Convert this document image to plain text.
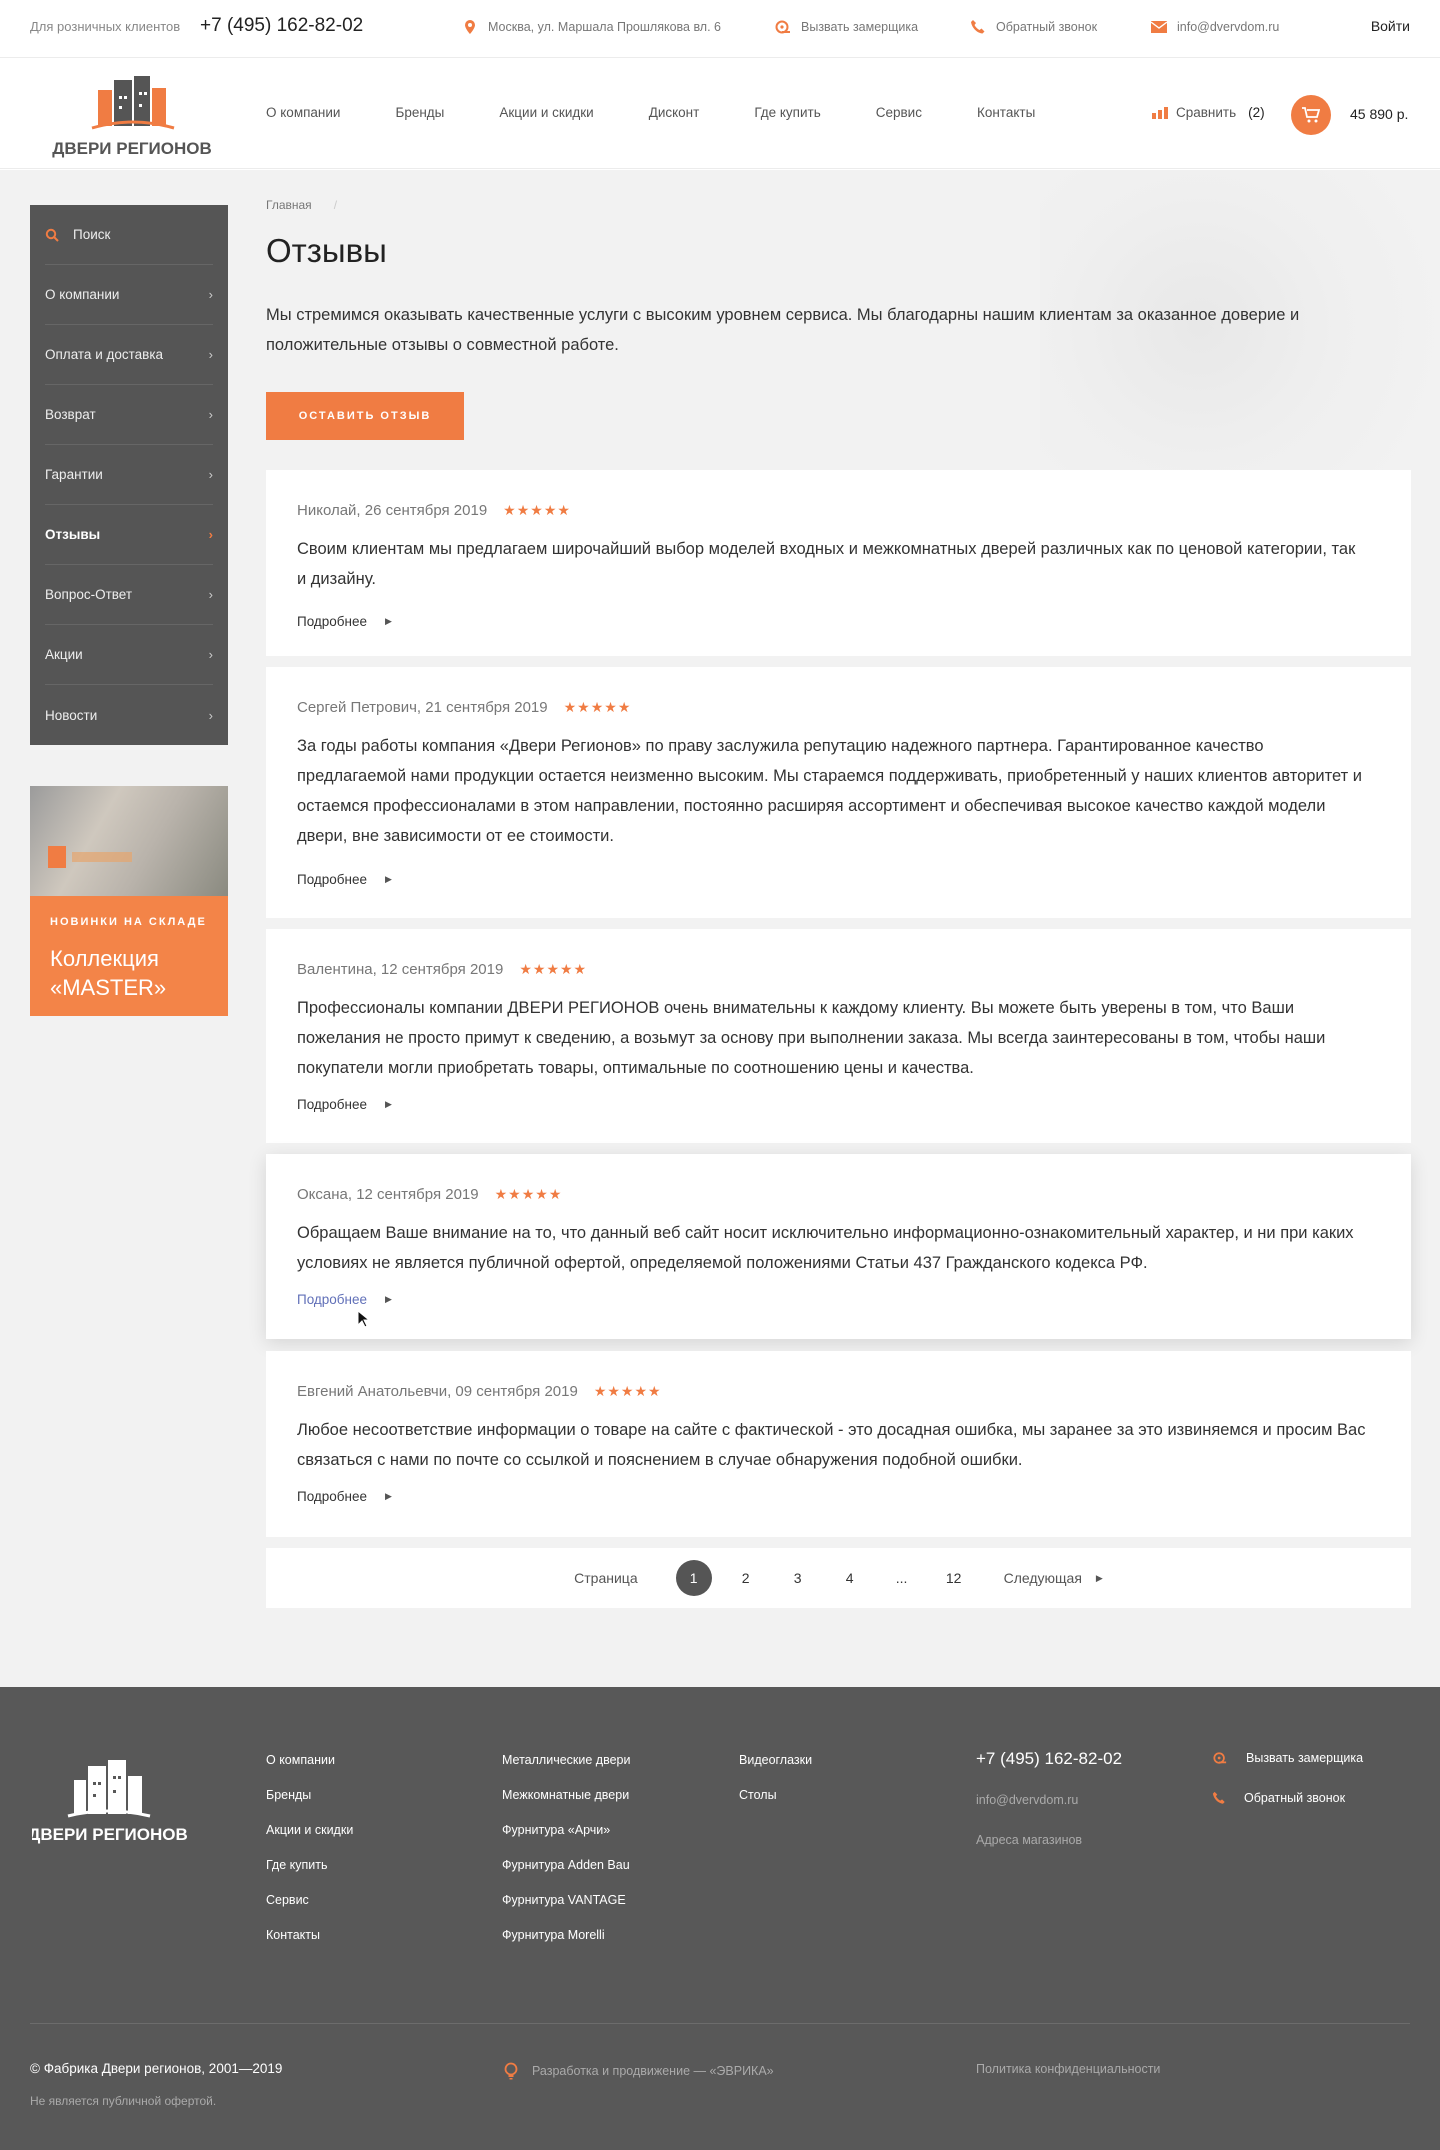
Для розничных клиентов +7 (495) 162-82-02	Москва, ул. Маршала Прошлякова вл. 6	Вызвать замерщика	Обратный звонок	info@dvervdom.ru	Войти
ДВЕРИ РЕГИОНОВ
О компании	Бренды	Акции и скидки	Дисконт	Где купить	Сервис	Контакты	Сравнить (2)	45 890 р.
Поиск
О компании	›
Оплата и доставка	›
Возврат	›
Гарантии	›
Отзывы	›
Вопрос-Ответ	›
Акции	›
Новости	›
НОВИНКИ НА СКЛАДЕ
Коллекция
«MASTER»
Главная /
Отзывы

Мы стремимся оказывать качественные услуги с высоким уровнем сервиса. Мы благодарны нашим клиентам за оказанное доверие и положительные отзывы о совместной работе.

ОСТАВИТЬ ОТЗЫВ
Николай, 26 сентября 2019 ★★★★★

Своим клиентам мы предлагаем широчайший выбор моделей входных и межкомнатных дверей различных как по ценовой категории, так и дизайну.

Подробнее ▶
Сергей Петрович, 21 сентября 2019 ★★★★★

За годы работы компания «Двери Регионов» по праву заслужила репутацию надежного партнера. Гарантированное качество предлагаемой нами продукции остается неизменно высоким. Мы стараемся поддерживать, приобретенный у наших клиентов авторитет и остаемся профессионалами в этом направлении, постоянно расширяя ассортимент и обеспечивая высокое качество каждой модели двери, вне зависимости от ее стоимости.

Подробнее ▶
Валентина, 12 сентября 2019 ★★★★★

Профессионалы компании ДВЕРИ РЕГИОНОВ очень внимательны к каждому клиенту. Вы можете быть уверены в том, что Ваши пожелания не просто примут к сведению, а возьмут за основу при выполнении заказа. Мы всегда заинтересованы в том, чтобы наши покупатели могли приобретать товары, оптимальные по соотношению цены и качества.

Подробнее ▶
Оксана, 12 сентября 2019 ★★★★★

Обращаем Ваше внимание на то, что данный веб сайт носит исключительно информационно-ознакомительный характер, и ни при каких условиях не является публичной офертой, определяемой положениями Статьи 437 Гражданского кодекса РФ.

Подробнее ▶
Евгений Анатольевчи, 09 сентября 2019 ★★★★★

Любое несоответствие информации о товаре на сайте с фактической - это досадная ошибка, мы заранее за это извиняемся и просим Вас связаться с нами по почте со ссылкой и пояснением в случае обнаружения подобной ошибки.

Подробнее ▶
Страница	1	2	3	4	...	12	Следующая ▶
ДВЕРИ РЕГИОНОВ
О компании
Бренды
Акции и скидки
Где купить
Сервис
Контакты
Металлические двери
Межкомнатные двери
Фурнитура «Арчи»
Фурнитура Adden Bau
Фурнитура VANTAGE
Фурнитура Morelli
Видеоглазки
Столы
+7 (495) 162-82-02
info@dvervdom.ru
Адреса магазинов
Вызвать замерщика
Обратный звонок
© Фабрика Двери регионов, 2001—2019
Не является публичной офертой.
Разработка и продвижение — «ЭВРИКА»	Политика конфиденциальности
